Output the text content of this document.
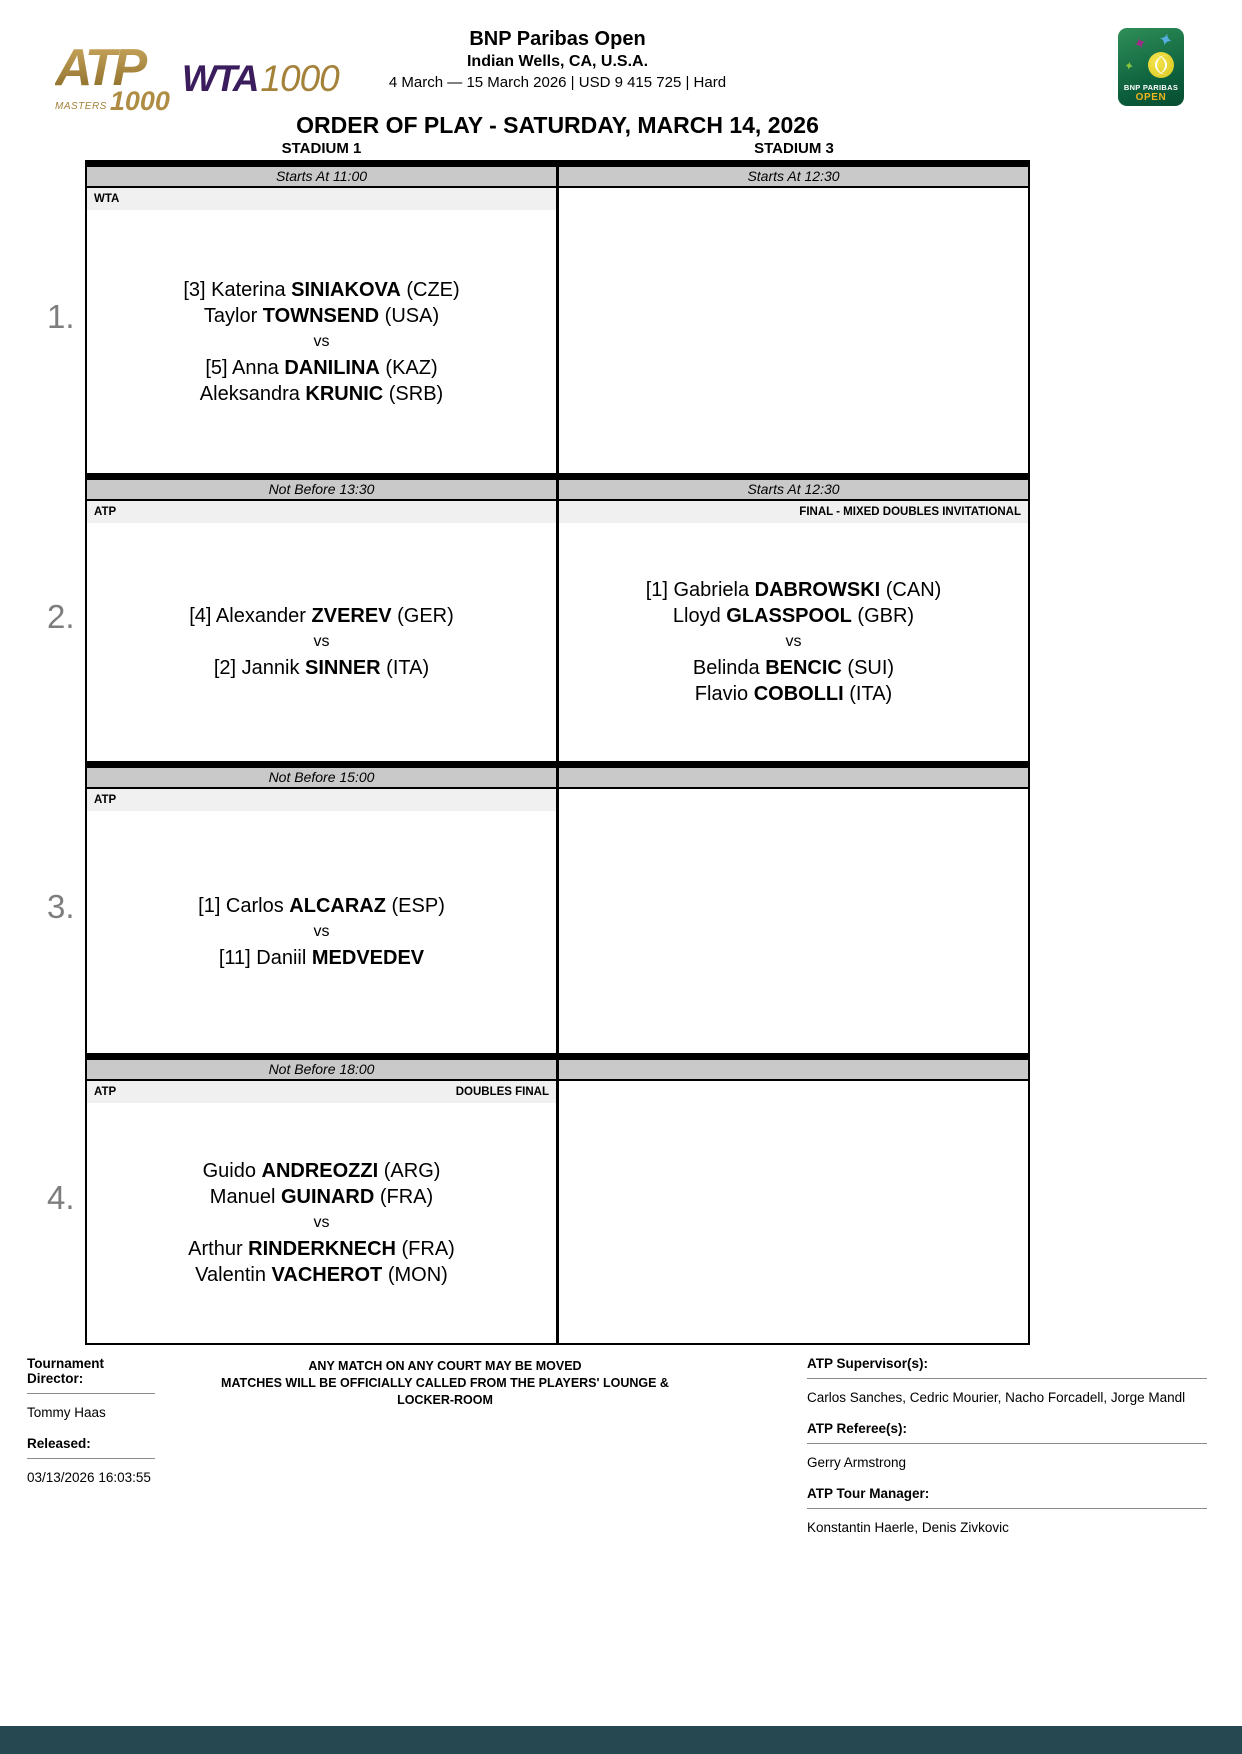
ATP
MASTERS 1000
WTA 1000
BNP Paribas Open
Indian Wells, CA, U.S.A.
4 March — 15 March 2026 | USD 9 415 725 | Hard
✦ ✦
✦
BNP PARIBAS
OPEN
ORDER OF PLAY - SATURDAY, MARCH 14, 2026
STADIUM 1	STADIUM 3
1.
Starts At 11:00
WTA
[3] Katerina SINIAKOVA (CZE)
Taylor TOWNSEND (USA)
vs
[5] Anna DANILINA (KAZ)
Aleksandra KRUNIC (SRB)
Starts At 12:30
2.
Not Before 13:30
ATP
[4] Alexander ZVEREV (GER)
vs
[2] Jannik SINNER (ITA)
Starts At 12:30
FINAL - MIXED DOUBLES INVITATIONAL
[1] Gabriela DABROWSKI (CAN)
Lloyd GLASSPOOL (GBR)
vs
Belinda BENCIC (SUI)
Flavio COBOLLI (ITA)
3.
Not Before 15:00
ATP
[1] Carlos ALCARAZ (ESP)
vs
[11] Daniil MEDVEDEV
4.
Not Before 18:00
ATP	DOUBLES FINAL
Guido ANDREOZZI (ARG)
Manuel GUINARD (FRA)
vs
Arthur RINDERKNECH (FRA)
Valentin VACHEROT (MON)
Tournament Director:
Tommy Haas
Released:
03/13/2026 16:03:55
ANY MATCH ON ANY COURT MAY BE MOVED
MATCHES WILL BE OFFICIALLY CALLED FROM THE PLAYERS' LOUNGE &
LOCKER-ROOM
ATP Supervisor(s):
Carlos Sanches, Cedric Mourier, Nacho Forcadell, Jorge Mandl
ATP Referee(s):
Gerry Armstrong
ATP Tour Manager:
Konstantin Haerle, Denis Zivkovic
